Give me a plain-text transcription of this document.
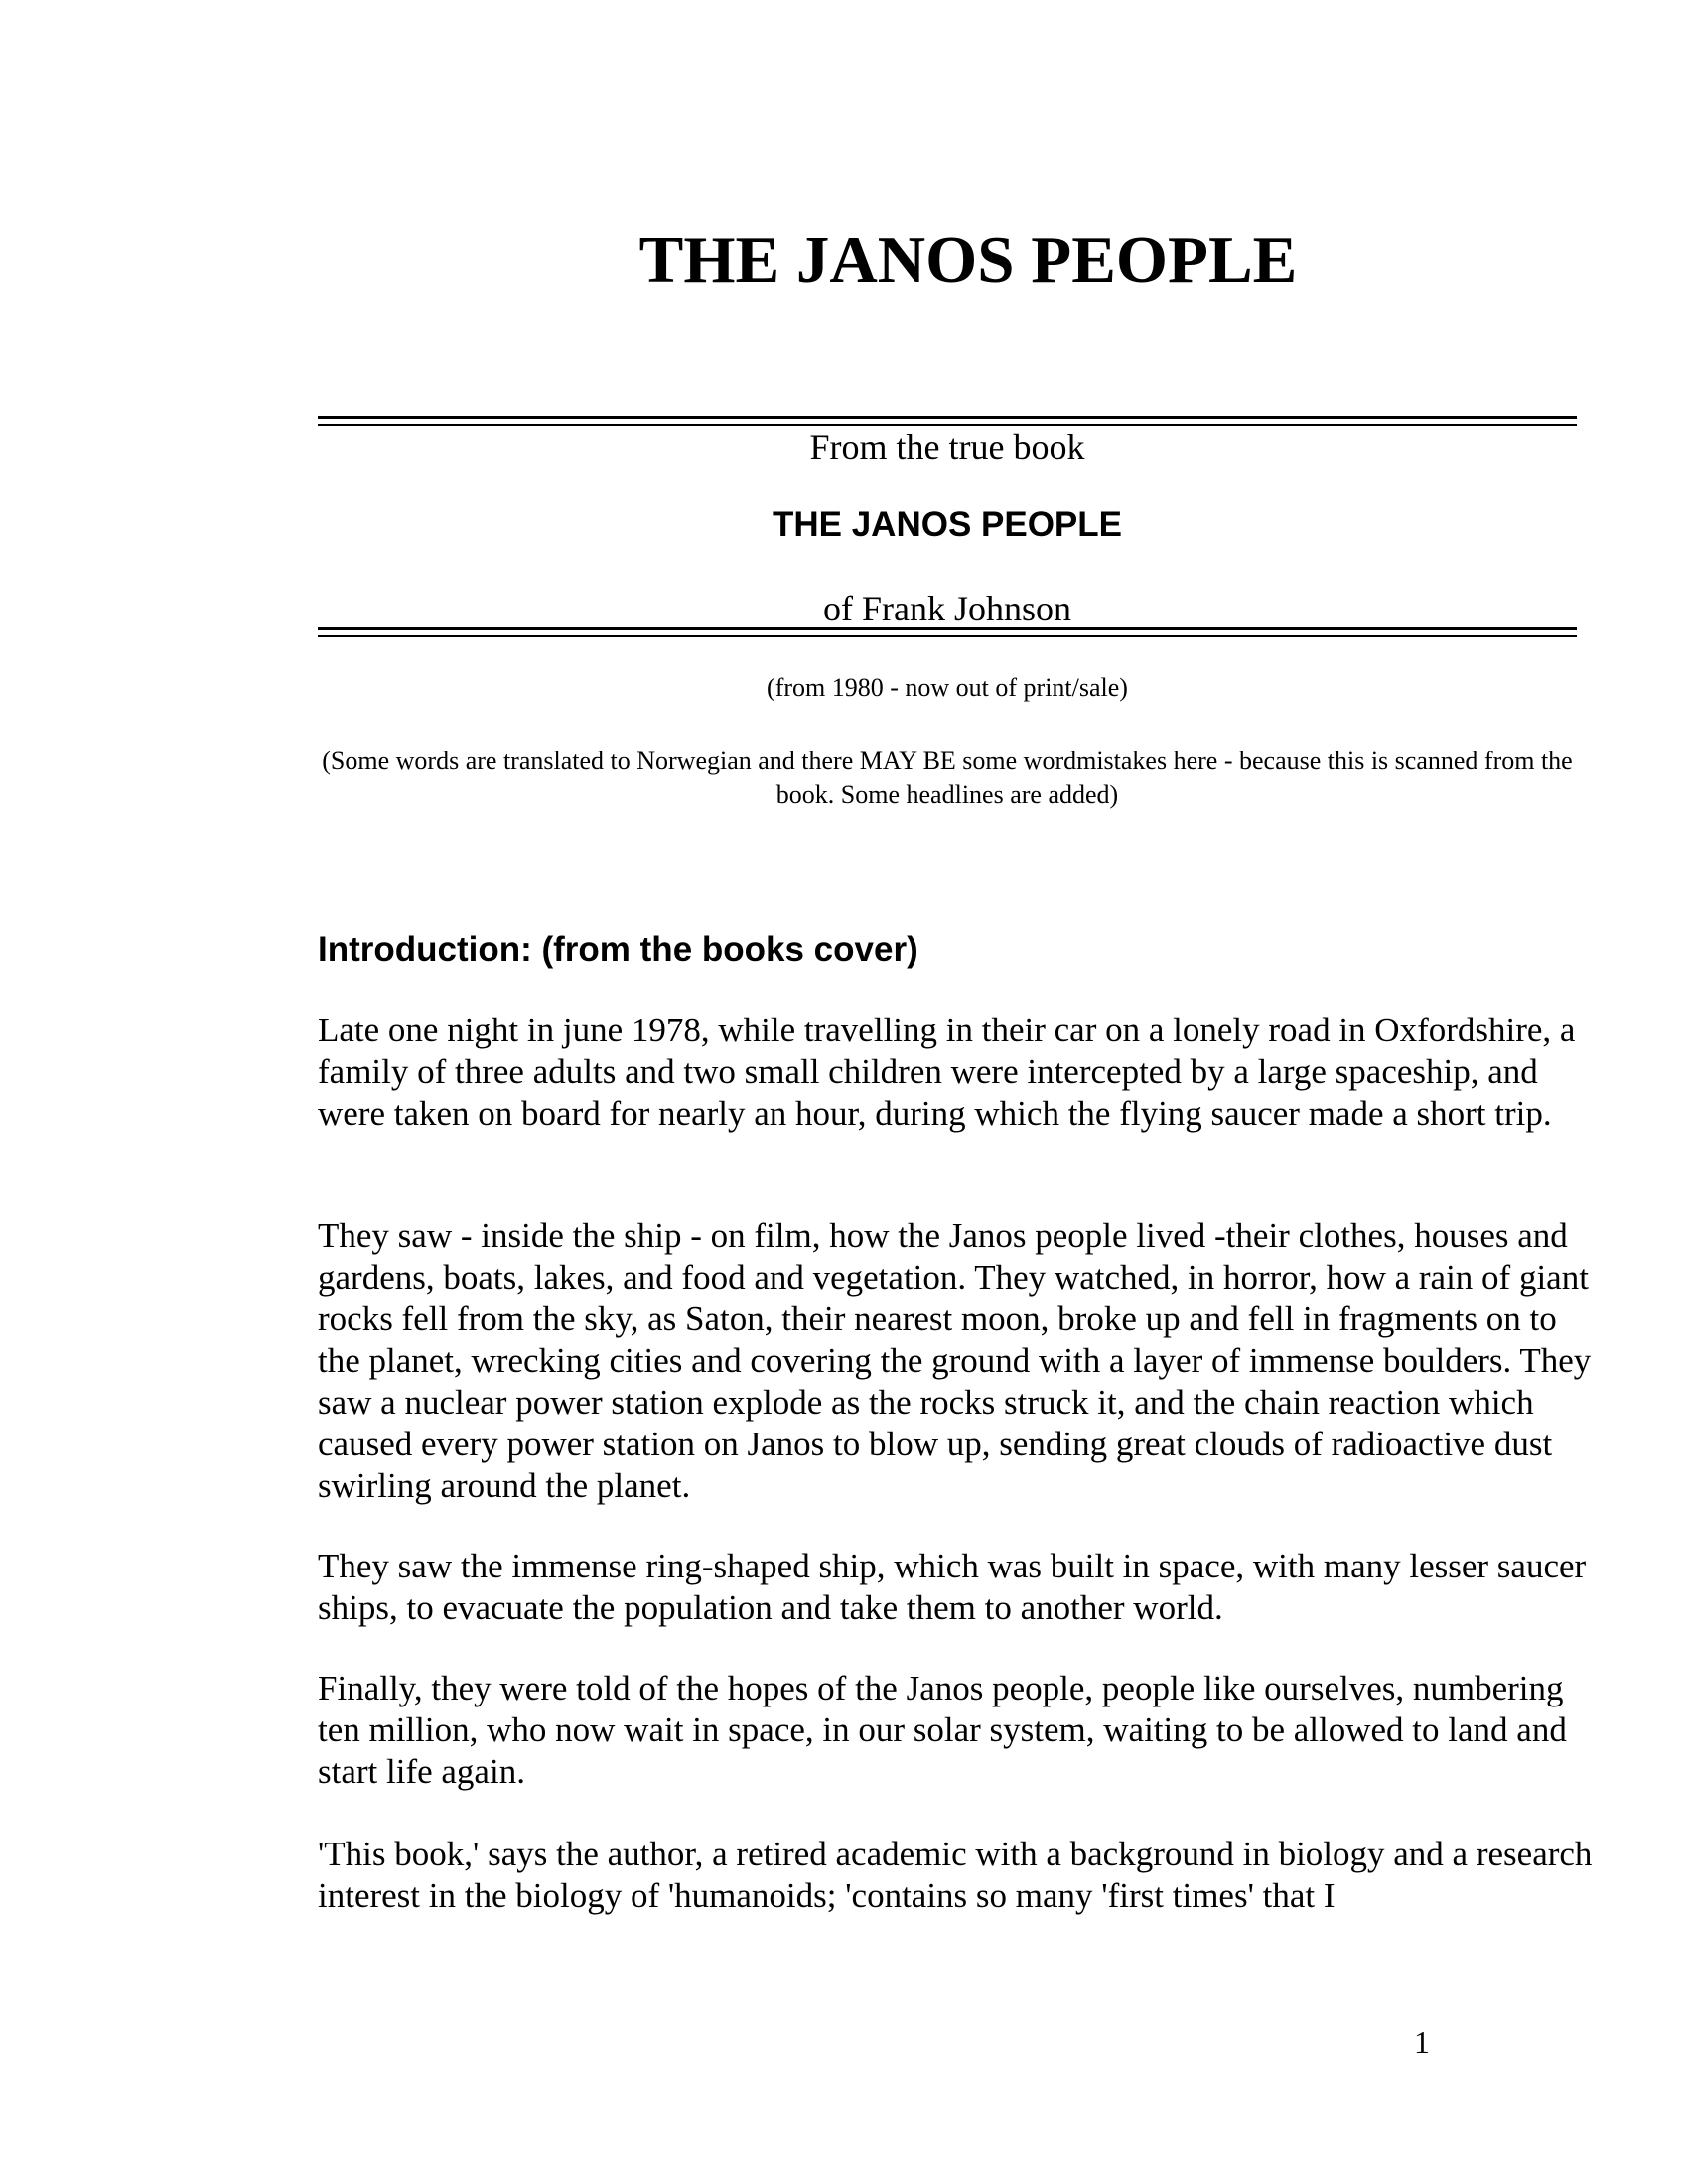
THE JANOS PEOPLE
From the true book
THE JANOS PEOPLE
of Frank Johnson
(from 1980 - now out of print/sale)
(Some words are translated to Norwegian and there MAY BE some wordmistakes here - because this is scanned from the book. Some headlines are added)
Introduction: (from the books cover)

Late one night in june 1978, while travelling in their car on a lonely road in Oxfordshire, a family of three adults and two small children were intercepted by a large spaceship, and were taken on board for nearly an hour, during which the flying saucer made a short trip.

They saw - inside the ship - on film, how the Janos people lived -their clothes, houses and gardens, boats, lakes, and food and vegetation. They watched, in horror, how a rain of giant rocks fell from the sky, as Saton, their nearest moon, broke up and fell in fragments on to the planet, wrecking cities and covering the ground with a layer of immense boulders. They saw a nuclear power station explode as the rocks struck it, and the chain reaction which caused every power station on Janos to blow up, sending great clouds of radioactive dust swirling around the planet.

They saw the immense ring-shaped ship, which was built in space, with many lesser saucer ships, to evacuate the population and take them to another world.

Finally, they were told of the hopes of the Janos people, people like ourselves, numbering ten million, who now wait in space, in our solar system, waiting to be allowed to land and start life again.

'This book,' says the author, a retired academic with a background in biology and a research interest in the biology of 'humanoids; 'contains so many 'first times' that I

1
